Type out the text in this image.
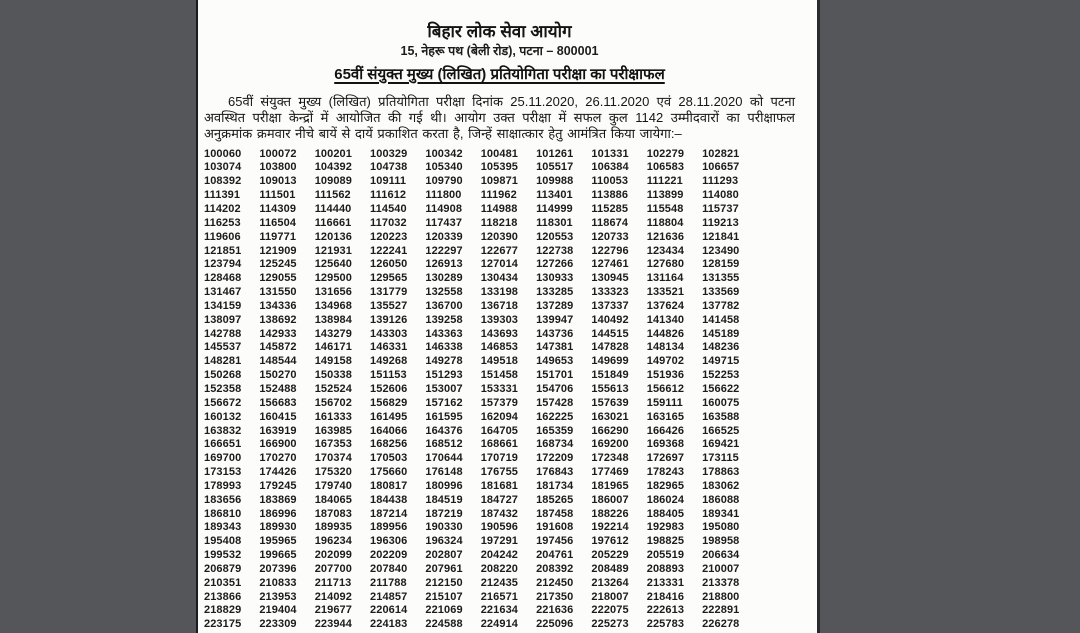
बिहार लोक सेवा आयोग
15, नेहरू पथ (बेली रोड), पटना – 800001
65वीं संयुक्त मुख्य (लिखित) प्रतियोगिता परीक्षा का परीक्षाफल

65वीं संयुक्त मुख्य (लिखित) प्रतियोगिता परीक्षा दिनांक 25.11.2020, 26.11.2020 एवं 28.11.2020 को पटना अवस्थित परीक्षा केन्द्रों में आयोजित की गई थी। आयोग उक्त परीक्षा में सफल कुल 1142 उम्मीदवारों का परीक्षाफल अनुक्रमांक क्रमवार नीचे बायें से दायें प्रकाशित करता है, जिन्हें साक्षात्कार हेतु आमंत्रित किया जायेगा:–

100060	100072	100201	100329	100342	100481	101261	101331	102279	102821
103074	103800	104392	104738	105340	105395	105517	106384	106583	106657
108392	109013	109089	109111	109790	109871	109988	110053	111221	111293
111391	111501	111562	111612	111800	111962	113401	113886	113899	114080
114202	114309	114440	114540	114908	114988	114999	115285	115548	115737
116253	116504	116661	117032	117437	118218	118301	118674	118804	119213
119606	119771	120136	120223	120339	120390	120553	120733	121636	121841
121851	121909	121931	122241	122297	122677	122738	122796	123434	123490
123794	125245	125640	126050	126913	127014	127266	127461	127680	128159
128468	129055	129500	129565	130289	130434	130933	130945	131164	131355
131467	131550	131656	131779	132558	133198	133285	133323	133521	133569
134159	134336	134968	135527	136700	136718	137289	137337	137624	137782
138097	138692	138984	139126	139258	139303	139947	140492	141340	141458
142788	142933	143279	143303	143363	143693	143736	144515	144826	145189
145537	145872	146171	146331	146338	146853	147381	147828	148134	148236
148281	148544	149158	149268	149278	149518	149653	149699	149702	149715
150268	150270	150338	151153	151293	151458	151701	151849	151936	152253
152358	152488	152524	152606	153007	153331	154706	155613	156612	156622
156672	156683	156702	156829	157162	157379	157428	157639	159111	160075
160132	160415	161333	161495	161595	162094	162225	163021	163165	163588
163832	163919	163985	164066	164376	164705	165359	166290	166426	166525
166651	166900	167353	168256	168512	168661	168734	169200	169368	169421
169700	170270	170374	170503	170644	170719	172209	172348	172697	173115
173153	174426	175320	175660	176148	176755	176843	177469	178243	178863
178993	179245	179740	180817	180996	181681	181734	181965	182965	183062
183656	183869	184065	184438	184519	184727	185265	186007	186024	186088
186810	186996	187083	187214	187219	187432	187458	188226	188405	189341
189343	189930	189935	189956	190330	190596	191608	192214	192983	195080
195408	195965	196234	196306	196324	197291	197456	197612	198825	198958
199532	199665	202099	202209	202807	204242	204761	205229	205519	206634
206879	207396	207700	207840	207961	208220	208392	208489	208893	210007
210351	210833	211713	211788	212150	212435	212450	213264	213331	213378
213866	213953	214092	214857	215107	216571	217350	218007	218416	218800
218829	219404	219677	220614	221069	221634	221636	222075	222613	222891
223175	223309	223944	224183	224588	224914	225096	225273	225783	226278
